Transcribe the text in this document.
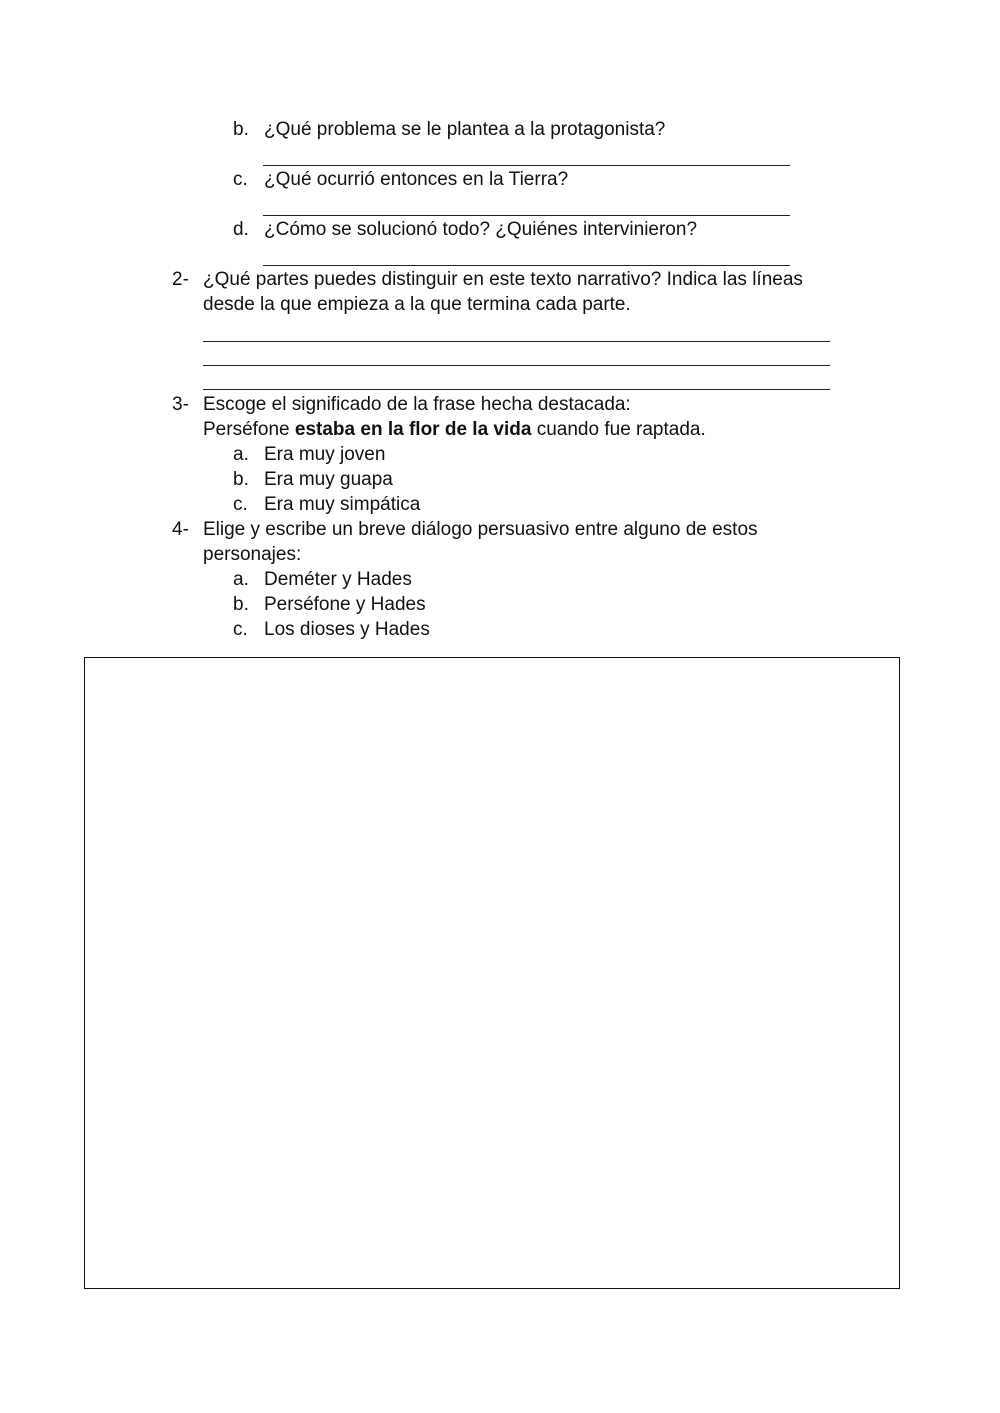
b. ¿Qué problema se le plantea a la protagonista?
c. ¿Qué ocurrió entonces en la Tierra?
d. ¿Cómo se solucionó todo? ¿Quiénes intervinieron?
2- ¿Qué partes puedes distinguir en este texto narrativo? Indica las líneas
desde la que empieza a la que termina cada parte.
3- Escoge el significado de la frase hecha destacada:
Perséfone estaba en la flor de la vida cuando fue raptada.
a. Era muy joven
b. Era muy guapa
c. Era muy simpática
4- Elige y escribe un breve diálogo persuasivo entre alguno de estos
personajes:
a. Deméter y Hades
b. Perséfone y Hades
c. Los dioses y Hades
